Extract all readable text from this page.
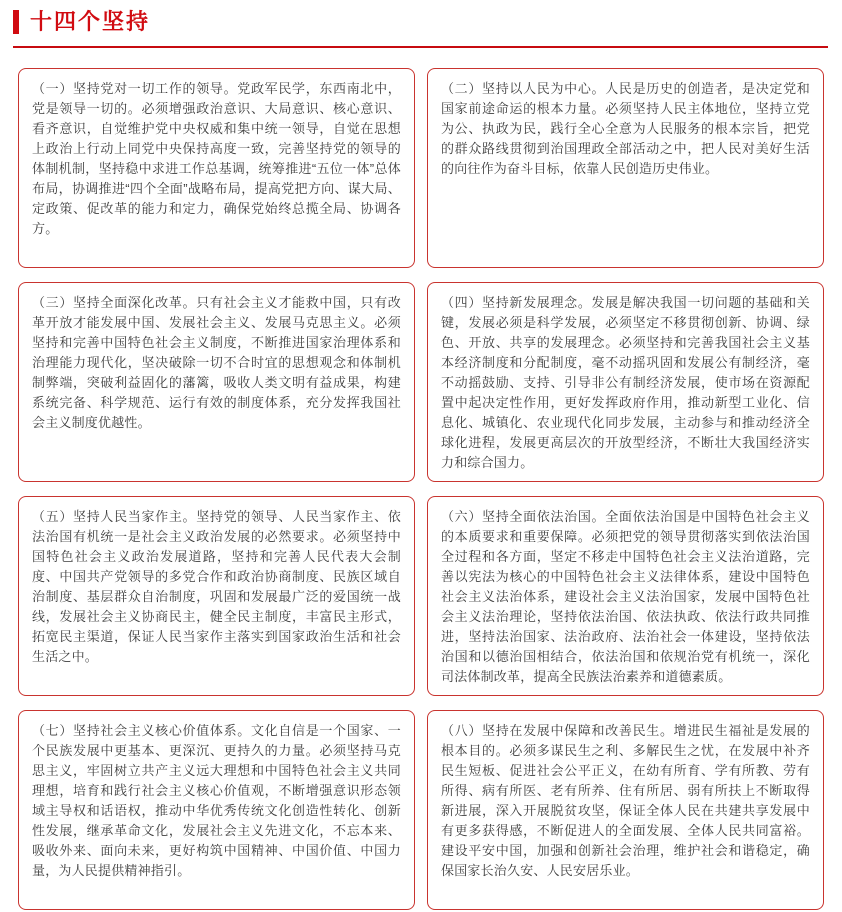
十四个坚持

（一）坚持党对一切工作的领导。党政军民学，东西南北中，党是领导一切的。必须增强政治意识、大局意识、核心意识、看齐意识，自觉维护党中央权威和集中统一领导，自觉在思想上政治上行动上同党中央保持高度一致，完善坚持党的领导的体制机制，坚持稳中求进工作总基调，统筹推进“五位一体”总体布局，协调推进“四个全面”战略布局，提高党把方向、谋大局、定政策、促改革的能力和定力，确保党始终总揽全局、协调各方。

（二）坚持以人民为中心。人民是历史的创造者，是决定党和国家前途命运的根本力量。必须坚持人民主体地位，坚持立党为公、执政为民，践行全心全意为人民服务的根本宗旨，把党的群众路线贯彻到治国理政全部活动之中，把人民对美好生活的向往作为奋斗目标，依靠人民创造历史伟业。

（三）坚持全面深化改革。只有社会主义才能救中国，只有改革开放才能发展中国、发展社会主义、发展马克思主义。必须坚持和完善中国特色社会主义制度，不断推进国家治理体系和治理能力现代化，坚决破除一切不合时宜的思想观念和体制机制弊端，突破利益固化的藩篱，吸收人类文明有益成果，构建系统完备、科学规范、运行有效的制度体系，充分发挥我国社会主义制度优越性。

（四）坚持新发展理念。发展是解决我国一切问题的基础和关键，发展必须是科学发展，必须坚定不移贯彻创新、协调、绿色、开放、共享的发展理念。必须坚持和完善我国社会主义基本经济制度和分配制度，毫不动摇巩固和发展公有制经济，毫不动摇鼓励、支持、引导非公有制经济发展，使市场在资源配置中起决定性作用，更好发挥政府作用，推动新型工业化、信息化、城镇化、农业现代化同步发展，主动参与和推动经济全球化进程，发展更高层次的开放型经济，不断壮大我国经济实力和综合国力。

（五）坚持人民当家作主。坚持党的领导、人民当家作主、依法治国有机统一是社会主义政治发展的必然要求。必须坚持中国特色社会主义政治发展道路，坚持和完善人民代表大会制度、中国共产党领导的多党合作和政治协商制度、民族区域自治制度、基层群众自治制度，巩固和发展最广泛的爱国统一战线，发展社会主义协商民主，健全民主制度，丰富民主形式，拓宽民主渠道，保证人民当家作主落实到国家政治生活和社会生活之中。

（六）坚持全面依法治国。全面依法治国是中国特色社会主义的本质要求和重要保障。必须把党的领导贯彻落实到依法治国全过程和各方面，坚定不移走中国特色社会主义法治道路，完善以宪法为核心的中国特色社会主义法律体系，建设中国特色社会主义法治体系，建设社会主义法治国家，发展中国特色社会主义法治理论，坚持依法治国、依法执政、依法行政共同推进，坚持法治国家、法治政府、法治社会一体建设，坚持依法治国和以德治国相结合，依法治国和依规治党有机统一，深化司法体制改革，提高全民族法治素养和道德素质。

（七）坚持社会主义核心价值体系。文化自信是一个国家、一个民族发展中更基本、更深沉、更持久的力量。必须坚持马克思主义，牢固树立共产主义远大理想和中国特色社会主义共同理想，培育和践行社会主义核心价值观，不断增强意识形态领域主导权和话语权，推动中华优秀传统文化创造性转化、创新性发展，继承革命文化，发展社会主义先进文化，不忘本来、吸收外来、面向未来，更好构筑中国精神、中国价值、中国力量，为人民提供精神指引。

（八）坚持在发展中保障和改善民生。增进民生福祉是发展的根本目的。必须多谋民生之利、多解民生之忧，在发展中补齐民生短板、促进社会公平正义，在幼有所育、学有所教、劳有所得、病有所医、老有所养、住有所居、弱有所扶上不断取得新进展，深入开展脱贫攻坚，保证全体人民在共建共享发展中有更多获得感，不断促进人的全面发展、全体人民共同富裕。建设平安中国，加强和创新社会治理，维护社会和谐稳定，确保国家长治久安、人民安居乐业。
